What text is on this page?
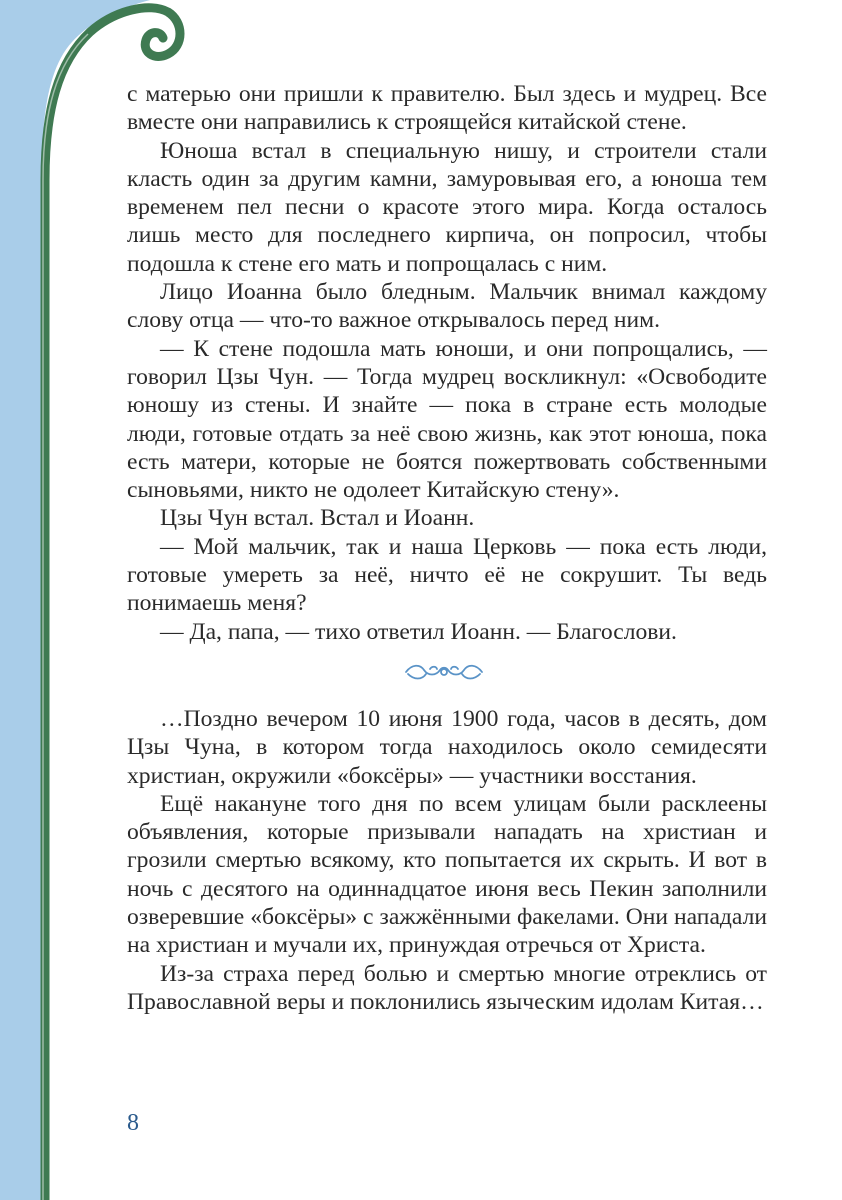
с матерью они пришли к правителю. Был здесь и мудрец. Все вместе они направились к строящейся китайской стене.

Юноша встал в специальную нишу, и строители стали класть один за другим камни, замуровывая его, а юноша тем временем пел песни о красоте этого мира. Когда осталось лишь место для последнего кирпича, он попросил, чтобы подошла к стене его мать и попрощалась с ним.

Лицо Иоанна было бледным. Мальчик внимал каждому слову отца — что-то важное открывалось перед ним.

— К стене подошла мать юноши, и они попрощались, — говорил Цзы Чун. — Тогда мудрец воскликнул: «Освободите юношу из стены. И знайте — пока в стране есть молодые люди, готовые отдать за неё свою жизнь, как этот юноша, пока есть матери, которые не боятся пожертвовать собственными сыновьями, никто не одолеет Китайскую стену».

Цзы Чун встал. Встал и Иоанн.

— Мой мальчик, так и наша Церковь — пока есть люди, готовые умереть за неё, ничто её не сокрушит. Ты ведь понимаешь меня?

— Да, папа, — тихо ответил Иоанн. — Благослови.

…Поздно вечером 10 июня 1900 года, часов в десять, дом Цзы Чуна, в котором тогда находилось около семидесяти христиан, окружили «боксёры» — участники восстания.

Ещё накануне того дня по всем улицам были расклеены объявления, которые призывали нападать на христиан и грозили смертью всякому, кто попытается их скрыть. И вот в ночь с десятого на одиннадцатое июня весь Пекин заполнили озверевшие «боксёры» с зажжёнными факелами. Они нападали на христиан и мучали их, принуждая отречься от Христа.

Из-за страха перед болью и смертью многие отреклись от Православной веры и поклонились языческим идолам Китая…

8
